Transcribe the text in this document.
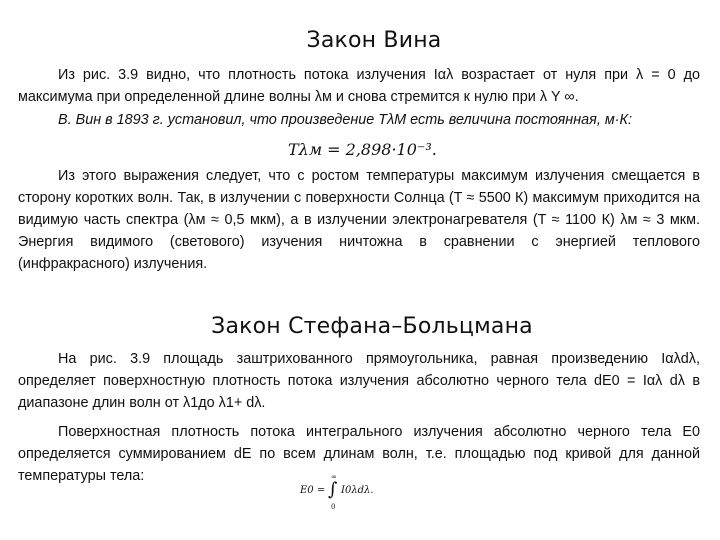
Закон Вина

Из рис. 3.9 видно, что плотность потока излучения Iαλ возрастает от нуля при λ = 0 до максимума при определенной длине волны λм и снова стремится к нулю при λ Y ∞.

В. Вин в 1893 г. установил, что произведение TλM есть величина постоянная, м·К:

Tλм = 2,898·10⁻³.

Из этого выражения следует, что с ростом температуры максимум излучения смещается в сторону коротких волн. Так, в излучении с поверхности Солнца (T ≈ 5500 К) максимум приходится на видимую часть спектра (λм ≈ 0,5 мкм), а в излучении электронагревателя (T ≈ 1100 К) λм ≈ 3 мкм. Энергия видимого (светового) изучения ничтожна в сравнении с энергией теплового (инфракрасного) излучения.

Закон Стефана–Больцмана

На рис. 3.9 площадь заштрихованного прямоугольника, равная произведению Iαλdλ, определяет поверхностную плотность потока излучения абсолютно черного тела dE0 = Iαλ dλ в диапазоне длин волн от λ1до λ1+ dλ.

Поверхностная плотность потока интегрального излучения абсолютно черного тела E0 определяется суммированием dE по всем длинам волн, т.е. площадью под кривой для данной температуры тела:

E0 =
∞
∫
0
I0λdλ.
